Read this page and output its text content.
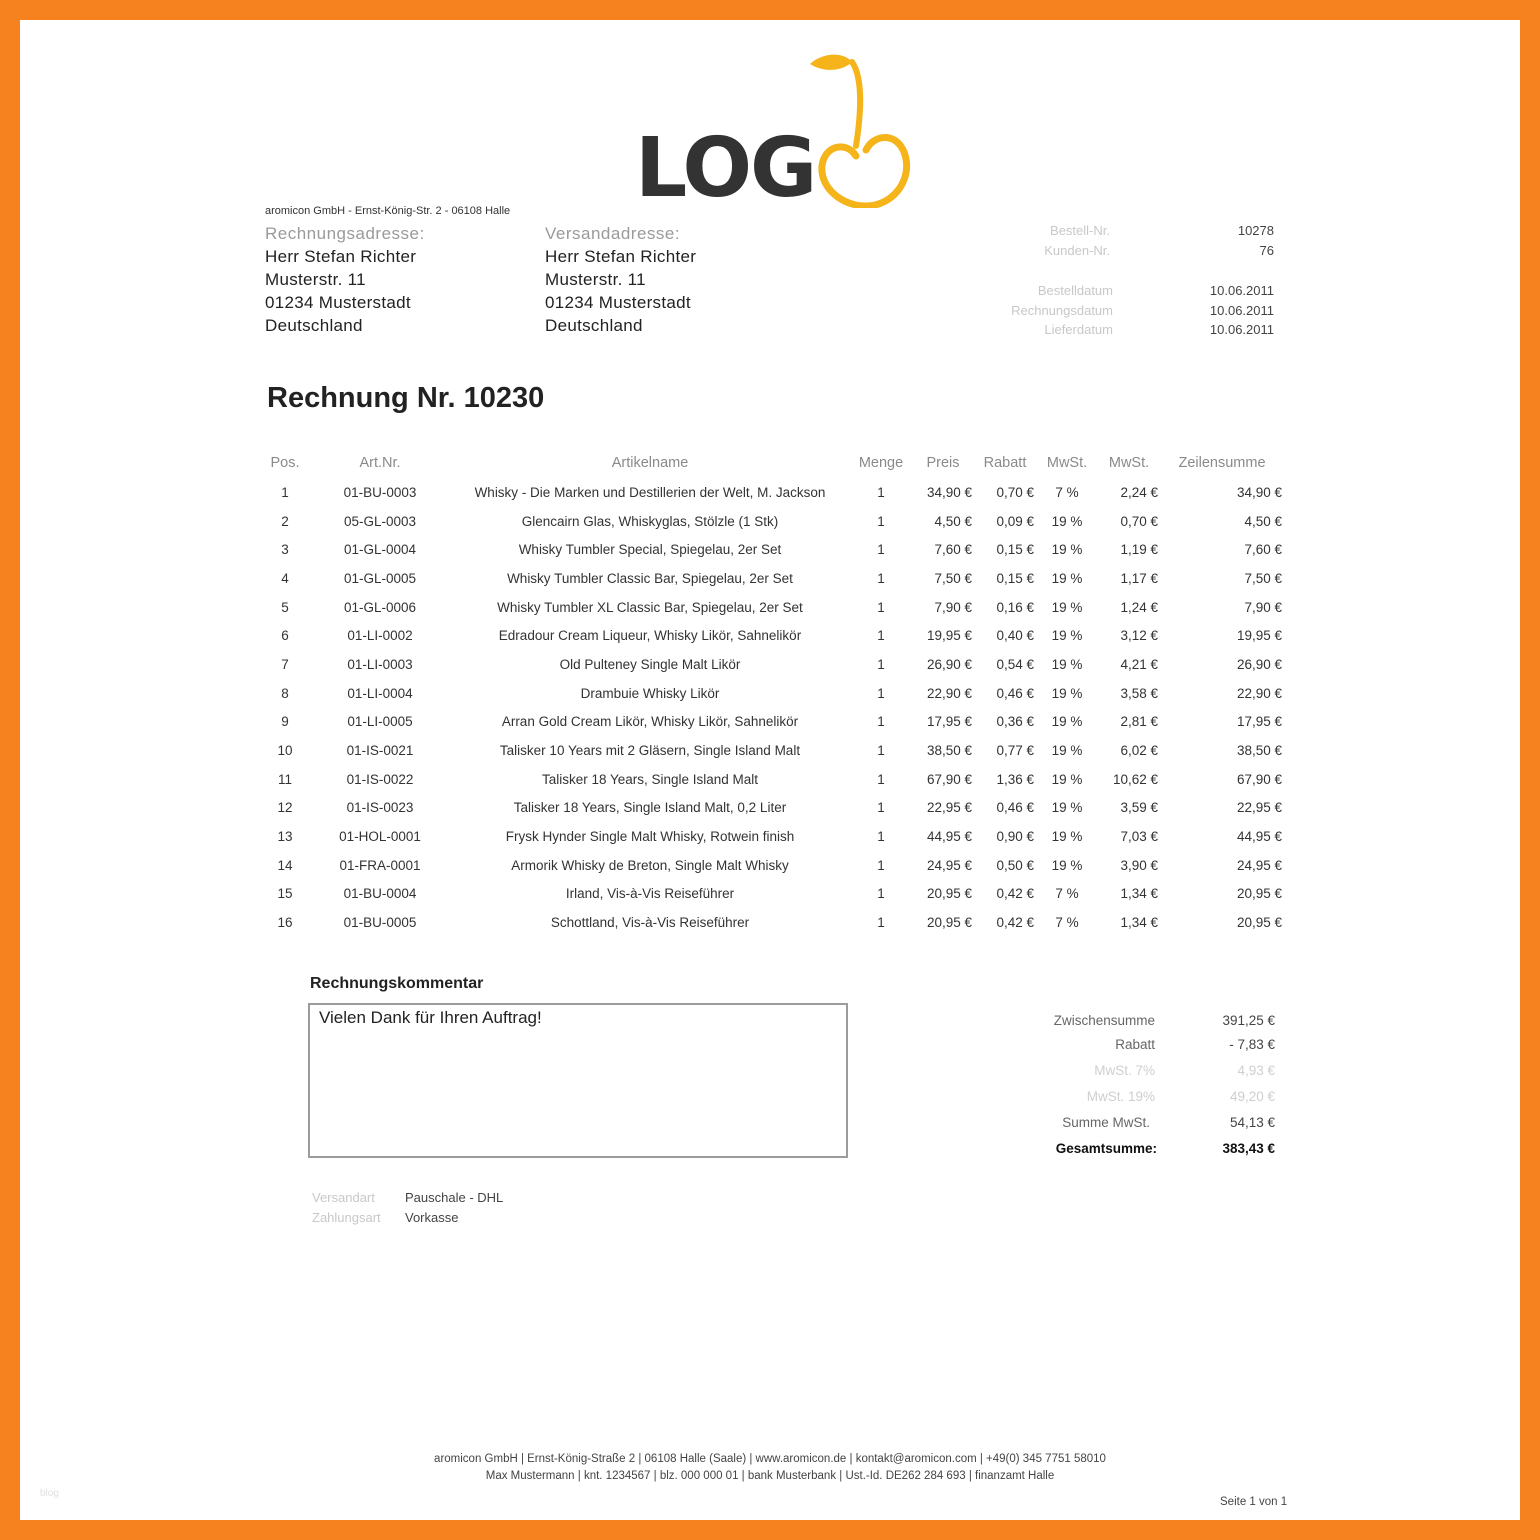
LOG
aromicon GmbH - Ernst-König-Str. 2 - 06108 Halle
Rechnungsadresse:
Herr Stefan Richter
Musterstr. 11
01234 Musterstadt
Deutschland
Versandadresse:
Herr Stefan Richter
Musterstr. 11
01234 Musterstadt
Deutschland
Bestell-Nr.	10278
Kunden-Nr.	76
Bestelldatum	10.06.2011
Rechnungsdatum	10.06.2011
Lieferdatum	10.06.2011
Rechnung Nr. 10230
Pos.	Art.Nr.	Artikelname	Menge	Preis	Rabatt	MwSt.	MwSt.	Zeilensumme
1	01-BU-0003	Whisky - Die Marken und Destillerien der Welt, M. Jackson	1	34,90 €	0,70 €	7 %	2,24 €	34,90 €
2	05-GL-0003	Glencairn Glas, Whiskyglas, Stölzle (1 Stk)	1	4,50 €	0,09 €	19 %	0,70 €	4,50 €
3	01-GL-0004	Whisky Tumbler Special, Spiegelau, 2er Set	1	7,60 €	0,15 €	19 %	1,19 €	7,60 €
4	01-GL-0005	Whisky Tumbler Classic Bar, Spiegelau, 2er Set	1	7,50 €	0,15 €	19 %	1,17 €	7,50 €
5	01-GL-0006	Whisky Tumbler XL Classic Bar, Spiegelau, 2er Set	1	7,90 €	0,16 €	19 %	1,24 €	7,90 €
6	01-LI-0002	Edradour Cream Liqueur, Whisky Likör, Sahnelikör	1	19,95 €	0,40 €	19 %	3,12 €	19,95 €
7	01-LI-0003	Old Pulteney Single Malt Likör	1	26,90 €	0,54 €	19 %	4,21 €	26,90 €
8	01-LI-0004	Drambuie Whisky Likör	1	22,90 €	0,46 €	19 %	3,58 €	22,90 €
9	01-LI-0005	Arran Gold Cream Likör, Whisky Likör, Sahnelikör	1	17,95 €	0,36 €	19 %	2,81 €	17,95 €
10	01-IS-0021	Talisker 10 Years mit 2 Gläsern, Single Island Malt	1	38,50 €	0,77 €	19 %	6,02 €	38,50 €
11	01-IS-0022	Talisker 18 Years, Single Island Malt	1	67,90 €	1,36 €	19 %	10,62 €	67,90 €
12	01-IS-0023	Talisker 18 Years, Single Island Malt, 0,2 Liter	1	22,95 €	0,46 €	19 %	3,59 €	22,95 €
13	01-HOL-0001	Frysk Hynder Single Malt Whisky, Rotwein finish	1	44,95 €	0,90 €	19 %	7,03 €	44,95 €
14	01-FRA-0001	Armorik Whisky de Breton, Single Malt Whisky	1	24,95 €	0,50 €	19 %	3,90 €	24,95 €
15	01-BU-0004	Irland, Vis-à-Vis Reiseführer	1	20,95 €	0,42 €	7 %	1,34 €	20,95 €
16	01-BU-0005	Schottland, Vis-à-Vis Reiseführer	1	20,95 €	0,42 €	7 %	1,34 €	20,95 €
Rechnungskommentar
Vielen Dank für Ihren Auftrag!	Zwischensumme	391,25 €
Rabatt	- 7,83 €
MwSt. 7%	4,93 €
MwSt. 19%	49,20 €
Summe MwSt.	54,13 €
Gesamtsumme:	383,43 €
Versandart Pauschale - DHL
Zahlungsart Vorkasse
aromicon GmbH | Ernst-König-Straße 2 | 06108 Halle (Saale) | www.aromicon.de | kontakt@aromicon.com | +49(0) 345 7751 58010
Max Mustermann | knt. 1234567 | blz. 000 000 01 | bank Musterbank | Ust.-Id. DE262 284 693 | finanzamt Halle
Seite 1 von 1
blog
